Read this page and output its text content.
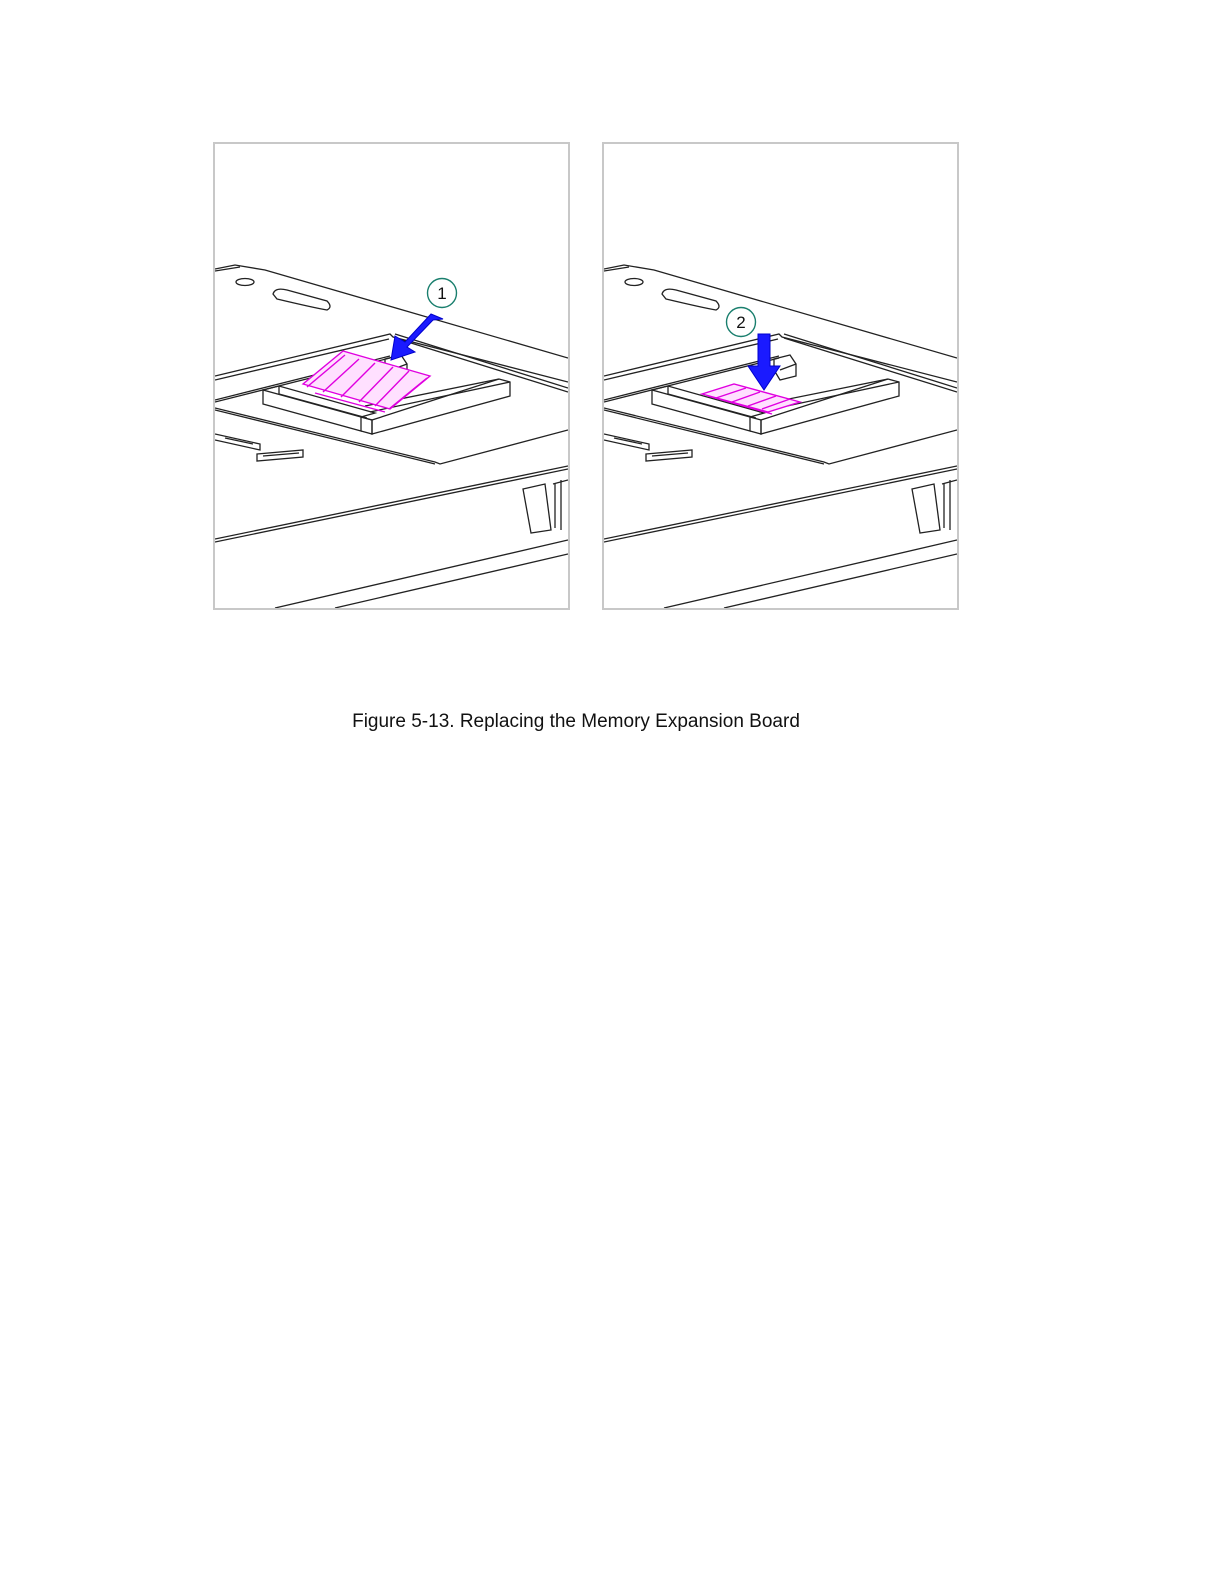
1
2
Figure 5-13. Replacing the Memory Expansion Board
